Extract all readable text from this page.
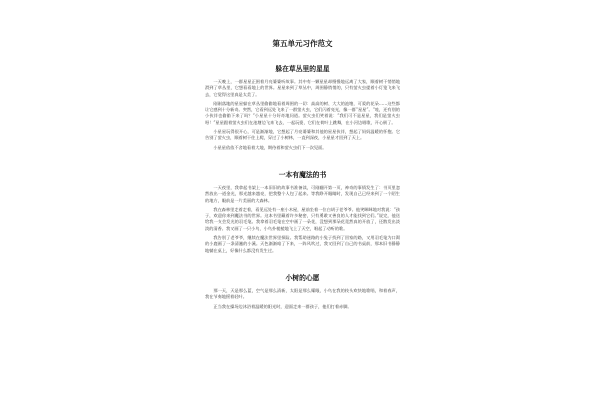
第五单元习作范文
躲在草丛里的星星

一天晚上，一群星星正围着月亮婆婆听故事。其中有一颗星星却慢慢地远离了大家，顺着树干悄悄地滑到了草丛里，它想看看地上的世界。星星来到了草丛中，周围静悄悄的，只有萤火虫提着小灯笼飞来飞去，它觉得这里真是太美了。

刚刚落地的星星躲在草丛里偷偷地看着周围的一切：高高的树、大大的池塘，可爱的花朵……这些都让它感到十分新奇。突然，它看到远处飞来了一群萤火虫，它们闪着亮光，像一群“星星”。“哇，还有别的小伙伴也偷偷下来了吗？”小星星十分好奇地问道。萤火虫们笑着说：“我们可不是星星，我们是萤火虫呀！”星星跟着萤火虫们在池塘边飞来飞去，一起玩耍，它们在荷叶上跳舞，在小河边唱歌，开心极了。

小星星玩得很开心，可是渐渐地，它想起了月亮婆婆和其他的星星伙伴，想起了妈妈温暖的怀抱。它告别了萤火虫，顺着树干往上爬，穿过了小树林，一直到深夜，小星星才回到了天上。

小星星依依不舍地看着大地，期待着和萤火虫们下一次见面。

一本有魔法的书

一天夜里，我拿起书架上一本旧旧的故事书准备读，可刚翻开第一页，神奇的事情发生了：书页里忽然放出一道金光，那光越来越亮，把我整个人包了起来。等我睁开眼睛时，发现自己已经来到了一个陌生的地方，眼前是一片美丽的大森林。

我在森林里走着走着，看见远处有一座小木屋，屋前坐着一位白胡子老爷爷。他笑眯眯地对我说：“孩子，欢迎你来到魔法书的世界。这本书里藏着许多秘密，只有勇敢又善良的人才能找到它们。”说完，他送给我一支会发光的羽毛笔。我拿着羽毛笔在空中画了一朵花，没想到那朵花竟然真的开放了，还散发出淡淡的清香。我又画了一只小鸟，小鸟扑棱棱地飞上了天空，唱起了动听的歌。

我告别了老爷爷，继续在魔法世界里探险。我帮助迷路的小兔子找到了回家的路，又用羽毛笔为口渴的小鹿画了一条清澈的小溪。天色渐渐暗了下来，一阵风吹过，我又回到了自己的书桌前，那本旧书静静地躺在桌上，好像什么都没有发生过。

小树的心愿

那一天，天是那么蓝，空气是那么清新，太阳是那么耀眼，小鸟在我的枝头欢快地歌唱，和着春声，我在节奏地摇着轻叶。

正当我在操场边沐浴着温暖的阳光时，迎面走来一群孩子，他们打着赤脚。
